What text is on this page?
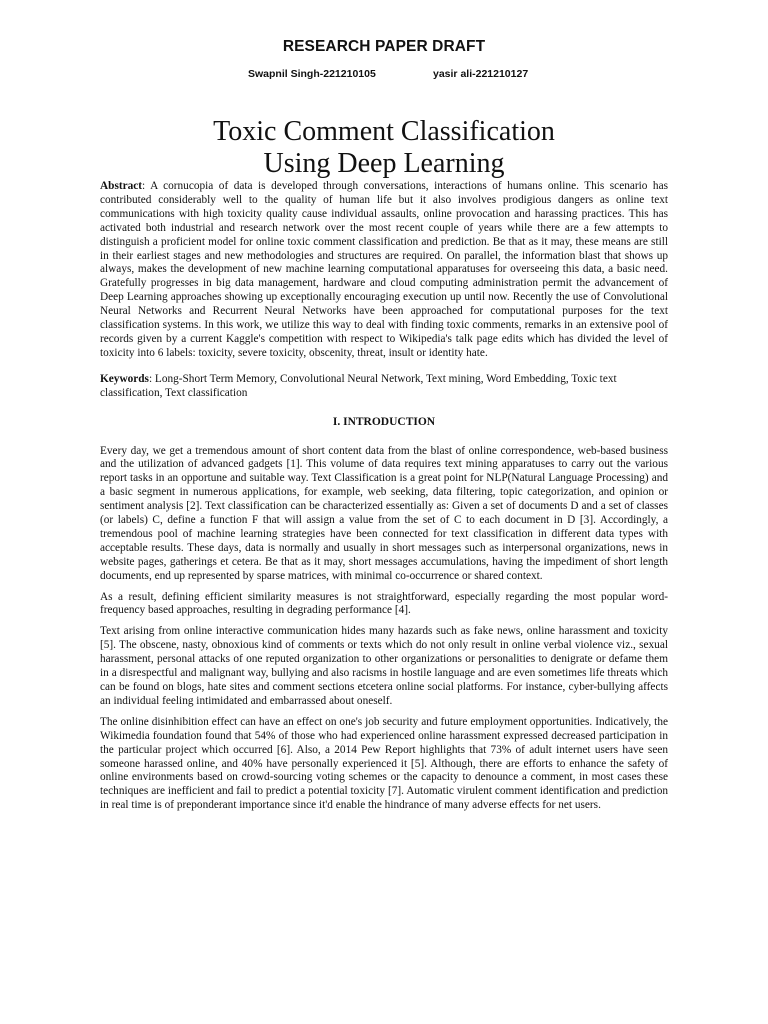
RESEARCH PAPER DRAFT
Swapnil Singh-221210105	yasir ali-221210127
Toxic Comment Classification
Using Deep Learning

Abstract: A cornucopia of data is developed through conversations, interactions of humans online. This scenario has contributed considerably well to the quality of human life but it also involves prodigious dangers as online text communications with high toxicity quality cause individual assaults, online provocation and harassing practices. This has activated both industrial and research network over the most recent couple of years while there are a few attempts to distinguish a proficient model for online toxic comment classification and prediction. Be that as it may, these means are still in their earliest stages and new methodologies and structures are required. On parallel, the information blast that shows up always, makes the development of new machine learning computational apparatuses for overseeing this data, a basic need. Gratefully progresses in big data management, hardware and cloud computing administration permit the advancement of Deep Learning approaches showing up exceptionally encouraging execution up until now. Recently the use of Convolutional Neural Networks and Recurrent Neural Networks have been approached for computational purposes for the text classification systems. In this work, we utilize this way to deal with finding toxic comments, remarks in an extensive pool of records given by a current Kaggle's competition with respect to Wikipedia's talk page edits which has divided the level of toxicity into 6 labels: toxicity, severe toxicity, obscenity, threat, insult or identity hate.

Keywords: Long-Short Term Memory, Convolutional Neural Network, Text mining, Word Embedding, Toxic text classification, Text classification

I. INTRODUCTION

Every day, we get a tremendous amount of short content data from the blast of online correspondence, web-based business and the utilization of advanced gadgets [1]. This volume of data requires text mining apparatuses to carry out the various report tasks in an opportune and suitable way. Text Classification is a great point for NLP(Natural Language Processing) and a basic segment in numerous applications, for example, web seeking, data filtering, topic categorization, and opinion or sentiment analysis [2]. Text classification can be characterized essentially as: Given a set of documents D and a set of classes (or labels) C, define a function F that will assign a value from the set of C to each document in D [3]. Accordingly, a tremendous pool of machine learning strategies have been connected for text classification in different data types with acceptable results. These days, data is normally and usually in short messages such as interpersonal organizations, news in website pages, gatherings et cetera. Be that as it may, short messages accumulations, having the impediment of short length documents, end up represented by sparse matrices, with minimal co-occurrence or shared context.

As a result, defining efficient similarity measures is not straightforward, especially regarding the most popular word-frequency based approaches, resulting in degrading performance [4].

Text arising from online interactive communication hides many hazards such as fake news, online harassment and toxicity [5]. The obscene, nasty, obnoxious kind of comments or texts which do not only result in online verbal violence viz., sexual harassment, personal attacks of one reputed organization to other organizations or personalities to denigrate or defame them in a disrespectful and malignant way, bullying and also racisms in hostile language and are even sometimes life threats which can be found on blogs, hate sites and comment sections etcetera online social platforms. For instance, cyber-bullying affects an individual feeling intimidated and embarrassed about oneself.

The online disinhibition effect can have an effect on one's job security and future employment opportunities. Indicatively, the Wikimedia foundation found that 54% of those who had experienced online harassment expressed decreased participation in the particular project which occurred [6]. Also, a 2014 Pew Report highlights that 73% of adult internet users have seen someone harassed online, and 40% have personally experienced it [5]. Although, there are efforts to enhance the safety of online environments based on crowd-sourcing voting schemes or the capacity to denounce a comment, in most cases these techniques are inefficient and fail to predict a potential toxicity [7]. Automatic virulent comment identification and prediction in real time is of preponderant importance since it'd enable the hindrance of many adverse effects for net users.
